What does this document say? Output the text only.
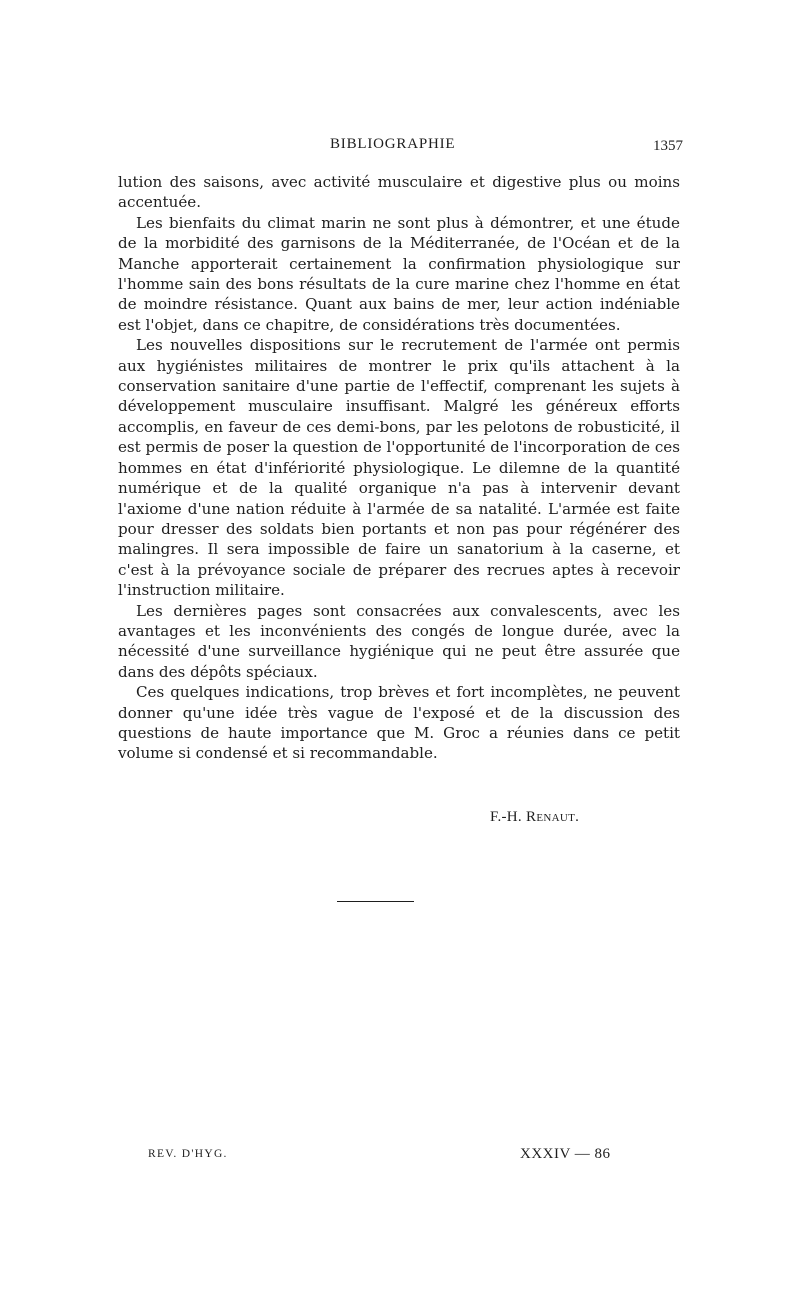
BIBLIOGRAPHIE	1357

lution des saisons, avec activité musculaire et digestive plus ou moins accentuée.

Les bienfaits du climat marin ne sont plus à démontrer, et une étude de la morbidité des garnisons de la Méditerranée, de l'Océan et de la Manche apporterait certainement la confirmation physiologique sur l'homme sain des bons résultats de la cure marine chez l'homme en état de moindre résistance. Quant aux bains de mer, leur action indéniable est l'objet, dans ce chapitre, de considérations très documentées.

Les nouvelles dispositions sur le recrutement de l'armée ont permis aux hygiénistes militaires de montrer le prix qu'ils attachent à la conservation sanitaire d'une partie de l'effectif, comprenant les sujets à développement musculaire insuffisant. Malgré les généreux efforts accomplis, en faveur de ces demi-bons, par les pelotons de robusticité, il est permis de poser la question de l'opportunité de l'incorporation de ces hommes en état d'infériorité physiologique. Le dilemne de la quantité numérique et de la qualité organique n'a pas à intervenir devant l'axiome d'une nation réduite à l'armée de sa natalité. L'armée est faite pour dresser des soldats bien portants et non pas pour régénérer des malingres. Il sera impossible de faire un sanatorium à la caserne, et c'est à la prévoyance sociale de préparer des recrues aptes à recevoir l'instruction militaire.

Les dernières pages sont consacrées aux convalescents, avec les avantages et les inconvénients des congés de longue durée, avec la nécessité d'une surveillance hygiénique qui ne peut être assurée que dans des dépôts spéciaux.

Ces quelques indications, trop brèves et fort incomplètes, ne peuvent donner qu'une idée très vague de l'exposé et de la discussion des questions de haute importance que M. Groc a réunies dans ce petit volume si condensé et si recommandable.

F.-H. Renaut.
REV. D'HYG.	XXXIV — 86
